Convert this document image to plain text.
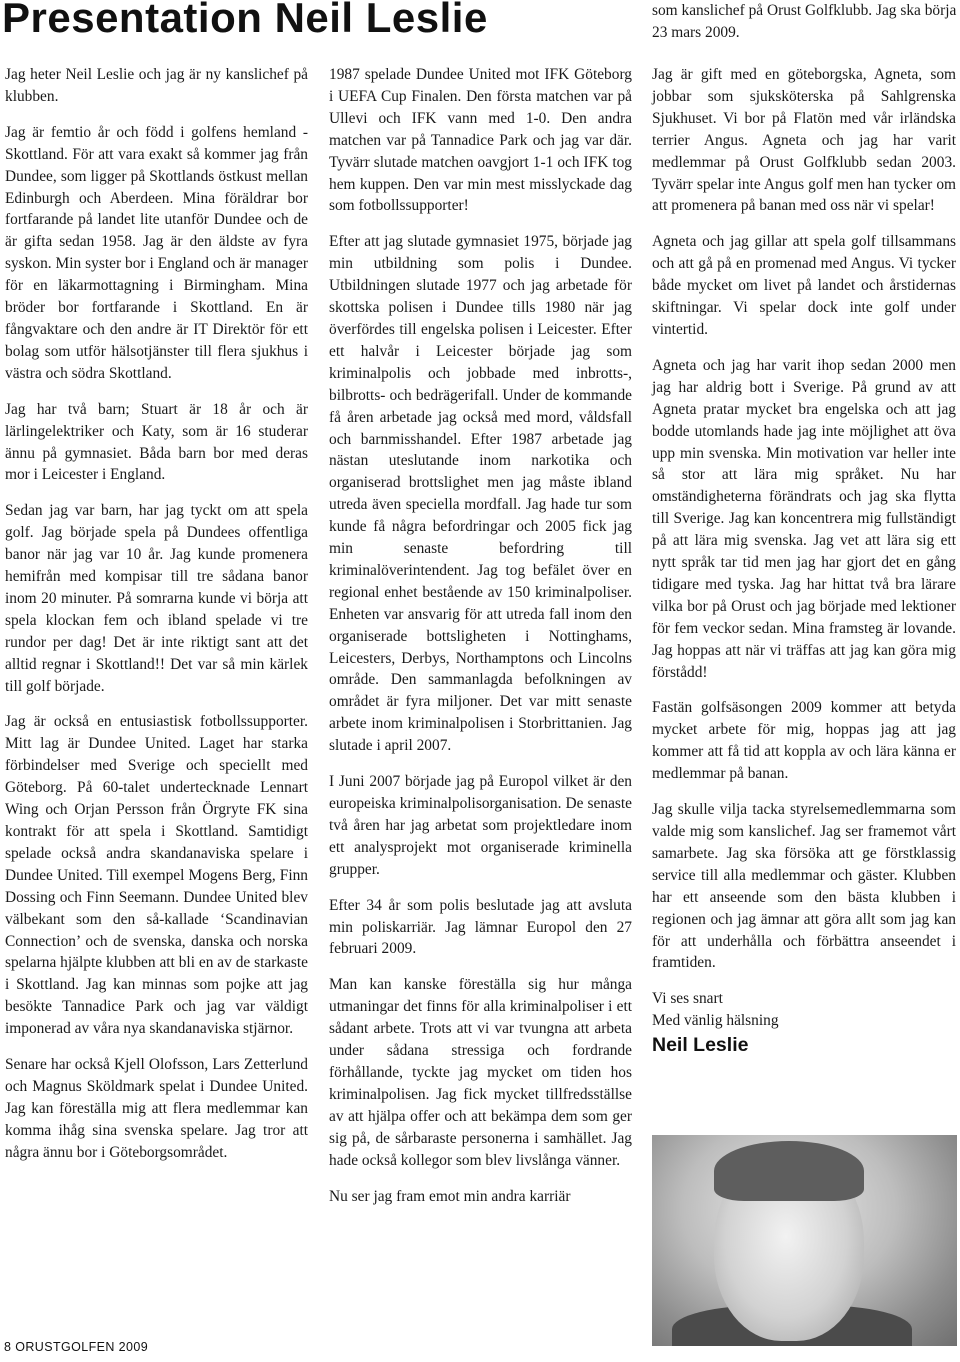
Presentation Neil Leslie	som kanslichef på Orust Golfklubb. Jag ska börja 23 mars 2009.

Jag heter Neil Leslie och jag är ny kanslichef på klubben.

Jag är femtio år och född i golfens hemland - Skottland. För att vara exakt så kommer jag från Dundee, som ligger på Skottlands östkust mellan Edinburgh och Aberdeen. Mina föräldrar bor fortfarande på landet lite utanför Dundee och de är gifta sedan 1958. Jag är den äldste av fyra syskon. Min syster bor i England och är manager för en läkarmottagning i Birmingham. Mina bröder bor fortfarande i Skottland. En är fångvaktare och den andre är IT Direktör för ett bolag som utför hälsotjänster till flera sjukhus i västra och södra Skottland.

Jag har två barn; Stuart är 18 år och är lärlingelektriker och Katy, som är 16 studerar ännu på gymnasiet. Båda barn bor med deras mor i Leicester i England.

Sedan jag var barn, har jag tyckt om att spela golf. Jag började spela på Dundees offentliga banor när jag var 10 år. Jag kunde promenera hemifrån med kompisar till tre sådana banor inom 20 minuter. På somrarna kunde vi börja att spela klockan fem och ibland spelade vi tre rundor per dag! Det är inte riktigt sant att det alltid regnar i Skottland!! Det var så min kärlek till golf började.

Jag är också en entusiastisk fotbollssupporter. Mitt lag är Dundee United. Laget har starka förbindelser med Sverige och speciellt med Göteborg. På 60-talet undertecknade Lennart Wing och Orjan Persson från Örgryte FK sina kontrakt för att spela i Skottland. Samtidigt spelade också andra skandanaviska spelare i Dundee United. Till exempel Mogens Berg, Finn Dossing och Finn Seemann. Dundee United blev välbekant som den så-kallade ‘Scandinavian Connection’ och de svenska, danska och norska spelarna hjälpte klubben att bli en av de starkaste i Skottland. Jag kan minnas som pojke att jag besökte Tannadice Park och jag var väldigt imponerad av våra nya skandanaviska stjärnor.

Senare har också Kjell Olofsson, Lars Zetterlund och Magnus Sköldmark spelat i Dundee United. Jag kan föreställa mig att flera medlemmar kan komma ihåg sina svenska spelare. Jag tror att några ännu bor i Göteborgsområdet.

1987 spelade Dundee United mot IFK Göteborg i UEFA Cup Finalen. Den första matchen var på Ullevi och IFK vann med 1-0. Den andra matchen var på Tannadice Park och jag var där. Tyvärr slutade matchen oavgjort 1-1 och IFK tog hem kuppen. Den var min mest misslyckade dag som fotbollssupporter!

Efter att jag slutade gymnasiet 1975, började jag min utbildning som polis i Dundee. Utbildningen slutade 1977 och jag arbetade för skottska polisen i Dundee tills 1980 när jag överfördes till engelska polisen i Leicester. Efter ett halvår i Leicester började jag som kriminalpolis och jobbade med inbrotts-, bilbrotts- och bedrägerifall. Under de kommande få åren arbetade jag också med mord, våldsfall och barnmisshandel. Efter 1987 arbetade jag nästan uteslutande inom narkotika och organiserad brottslighet men jag måste ibland utreda även speciella mordfall. Jag hade tur som kunde få några befordringar och 2005 fick jag min senaste befordring till kriminalöverintendent. Jag tog befälet över en regional enhet bestående av 150 kriminalpoliser. Enheten var ansvarig för att utreda fall inom den organiserade bottsligheten i Nottinghams, Leicesters, Derbys, Northamptons och Lincolns område. Den sammanlagda befolkningen av området är fyra miljoner. Det var mitt senaste arbete inom kriminalpolisen i Storbrittanien. Jag slutade i april 2007.

I Juni 2007 började jag på Europol vilket är den europeiska kriminalpolisorganisation. De senaste två åren har jag arbetat som projektledare inom ett analysprojekt mot organiserade kriminella grupper.

Efter 34 år som polis beslutade jag att avsluta min poliskarriär. Jag lämnar Europol den 27 februari 2009.

Man kan kanske föreställa sig hur många utmaningar det finns för alla kriminalpoliser i ett sådant arbete. Trots att vi var tvungna att arbeta under sådana stressiga och fordrande förhållande, tyckte jag mycket om tiden hos kriminalpolisen. Jag fick mycket tillfredsställse av att hjälpa offer och att bekämpa dem som ger sig på, de sårbaraste personerna i samhället. Jag hade också kollegor som blev livslånga vänner.

Nu ser jag fram emot min andra karriär

Jag är gift med en göteborgska, Agneta, som jobbar som sjuksköterska på Sahlgrenska Sjukhuset. Vi bor på Flatön med vår irländska terrier Angus. Agneta och jag har varit medlemmar på Orust Golfklubb sedan 2003. Tyvärr spelar inte Angus golf men han tycker om att promenera på banan med oss när vi spelar!

Agneta och jag gillar att spela golf tillsammans och att gå på en promenad med Angus. Vi tycker både mycket om livet på landet och årstidernas skiftningar. Vi spelar dock inte golf under vintertid.

Agneta och jag har varit ihop sedan 2000 men jag har aldrig bott i Sverige. På grund av att Agneta pratar mycket bra engelska och att jag bodde utomlands hade jag inte möjlighet att öva upp min svenska. Min motivation var heller inte så stor att lära mig språket. Nu har omständigheterna förändrats och jag ska flytta till Sverige. Jag kan koncentrera mig fullständigt på att lära mig svenska. Jag vet att lära sig ett nytt språk tar tid men jag har gjort det en gång tidigare med tyska. Jag har hittat två bra lärare vilka bor på Orust och jag började med lektioner för fem veckor sedan. Mina framsteg är lovande. Jag hoppas att när vi träffas att jag kan göra mig förstådd!

Fastän golfsäsongen 2009 kommer att betyda mycket arbete för mig, hoppas jag att jag kommer att få tid att koppla av och lära känna er medlemmar på banan.

Jag skulle vilja tacka styrelsemedlemmarna som valde mig som kanslichef. Jag ser framemot vårt samarbete. Jag ska försöka att ge förstklassig service till alla medlemmar och gäster. Klubben har ett anseende som den bästa klubben i regionen och jag ämnar att göra allt som jag kan för att underhålla och förbättra anseendet i framtiden.

Vi ses snart
Med vänlig hälsning
Neil Leslie

8 ORUSTGOLFEN 2009
